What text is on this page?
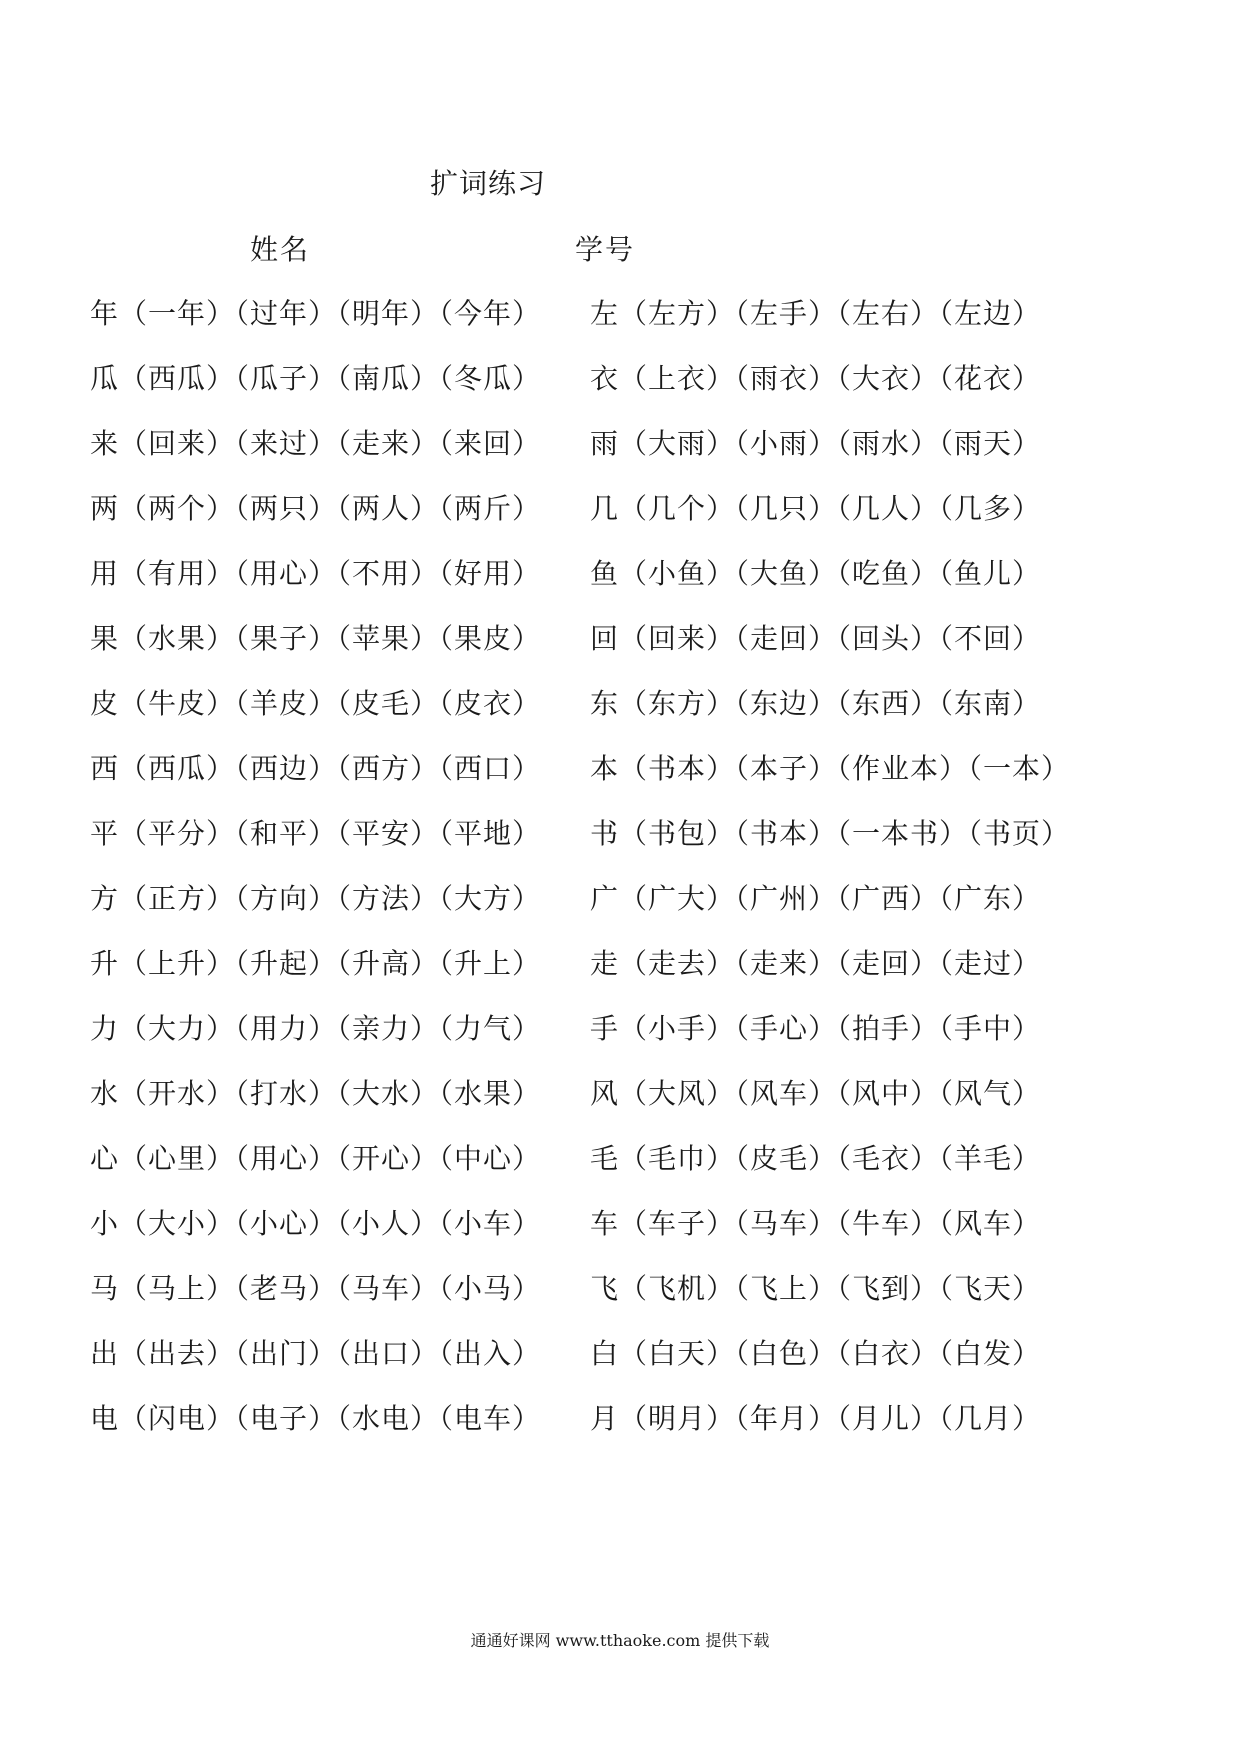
扩词练习
姓名	学号
年（一年）（过年）（明年）（今年） 左（左方）（左手）（左右）（左边）
瓜（西瓜）（瓜子）（南瓜）（冬瓜） 衣（上衣）（雨衣）（大衣）（花衣）
来（回来）（来过）（走来）（来回） 雨（大雨）（小雨）（雨水）（雨天）
两（两个）（两只）（两人）（两斤） 几（几个）（几只）（几人）（几多）
用（有用）（用心）（不用）（好用） 鱼（小鱼）（大鱼）（吃鱼）（鱼儿）
果（水果）（果子）（苹果）（果皮） 回（回来）（走回）（回头）（不回）
皮（牛皮）（羊皮）（皮毛）（皮衣） 东（东方）（东边）（东西）（东南）
西（西瓜）（西边）（西方）（西口） 本（书本）（本子）（作业本）（一本）
平（平分）（和平）（平安）（平地） 书（书包）（书本）（一本书）（书页）
方（正方）（方向）（方法）（大方） 广（广大）（广州）（广西）（广东）
升（上升）（升起）（升高）（升上） 走（走去）（走来）（走回）（走过）
力（大力）（用力）（亲力）（力气） 手（小手）（手心）（拍手）（手中）
水（开水）（打水）（大水）（水果） 风（大风）（风车）（风中）（风气）
心（心里）（用心）（开心）（中心） 毛（毛巾）（皮毛）（毛衣）（羊毛）
小（大小）（小心）（小人）（小车） 车（车子）（马车）（牛车）（风车）
马（马上）（老马）（马车）（小马） 飞（飞机）（飞上）（飞到）（飞天）
出（出去）（出门）（出口）（出入） 白（白天）（白色）（白衣）（白发）
电（闪电）（电子）（水电）（电车） 月（明月）（年月）（月儿）（几月）
通通好课网 www.tthaoke.com 提供下载
